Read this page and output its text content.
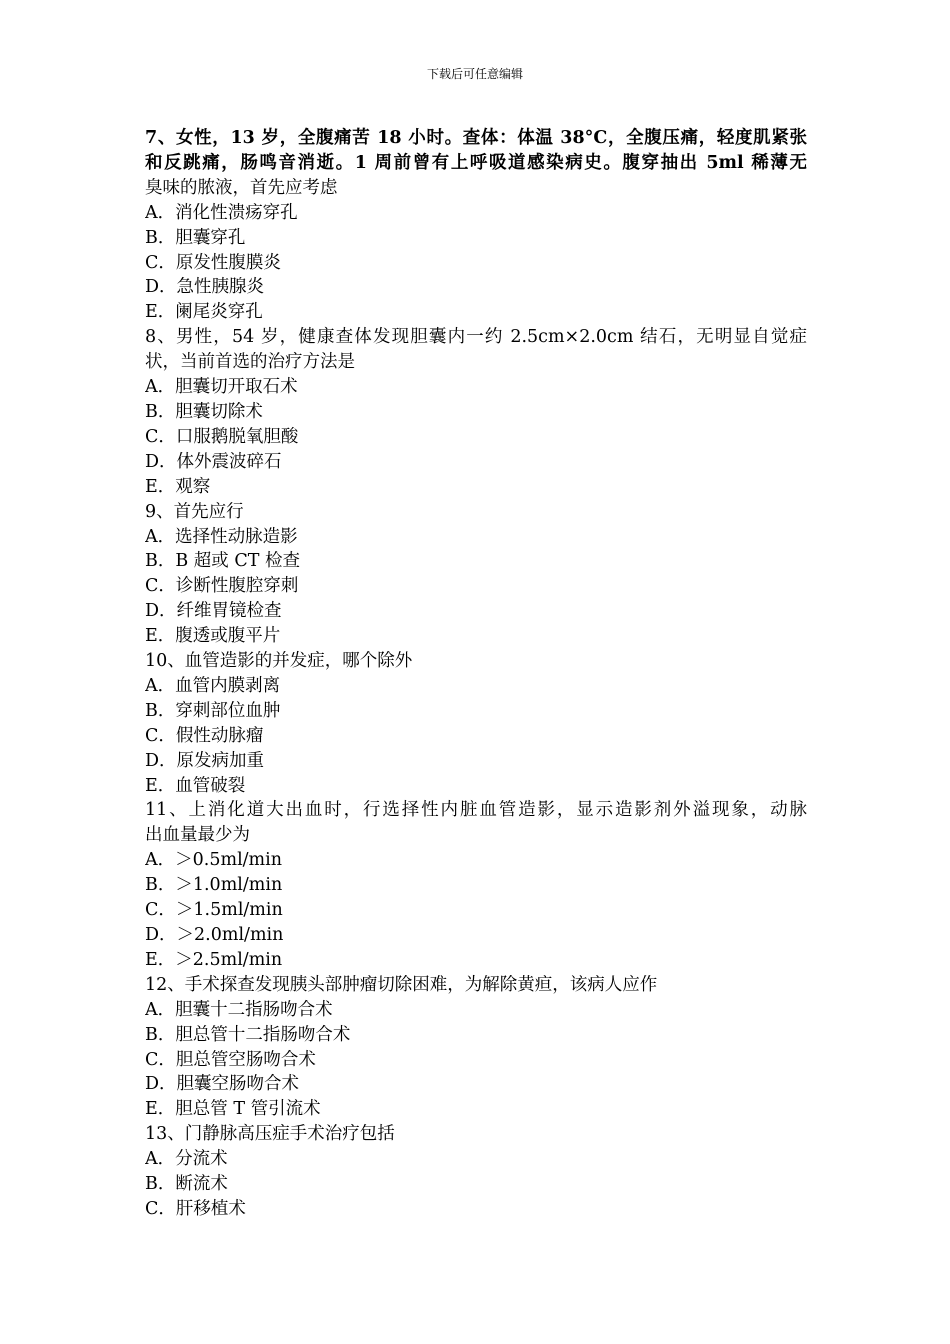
下载后可任意编辑
7、女性，13 岁，全腹痛苦 18 小时。查体：体温 38°C，全腹压痛，轻度肌紧张
和反跳痛，肠鸣音消逝。1 周前曾有上呼吸道感染病史。腹穿抽出 5ml 稀薄无
臭味的脓液，首先应考虑
A．消化性溃疡穿孔
B．胆囊穿孔
C．原发性腹膜炎
D．急性胰腺炎
E．阑尾炎穿孔
8、男性，54 岁，健康查体发现胆囊内一约 2.5cm×2.0cm 结石，无明显自觉症
状，当前首选的治疗方法是
A．胆囊切开取石术
B．胆囊切除术
C．口服鹅脱氧胆酸
D．体外震波碎石
E．观察
9、首先应行
A．选择性动脉造影
B．B 超或 CT 检查
C．诊断性腹腔穿刺
D．纤维胃镜检查
E．腹透或腹平片
10、血管造影的并发症，哪个除外
A．血管内膜剥离
B．穿刺部位血肿
C．假性动脉瘤
D．原发病加重
E．血管破裂
11、上消化道大出血时，行选择性内脏血管造影，显示造影剂外溢现象，动脉
出血量最少为
A．＞0.5ml/min
B．＞1.0ml/min
C．＞1.5ml/min
D．＞2.0ml/min
E．＞2.5ml/min
12、手术探查发现胰头部肿瘤切除困难，为解除黄疸，该病人应作
A．胆囊十二指肠吻合术
B．胆总管十二指肠吻合术
C．胆总管空肠吻合术
D．胆囊空肠吻合术
E．胆总管 T 管引流术
13、门静脉高压症手术治疗包括
A．分流术
B．断流术
C．肝移植术
